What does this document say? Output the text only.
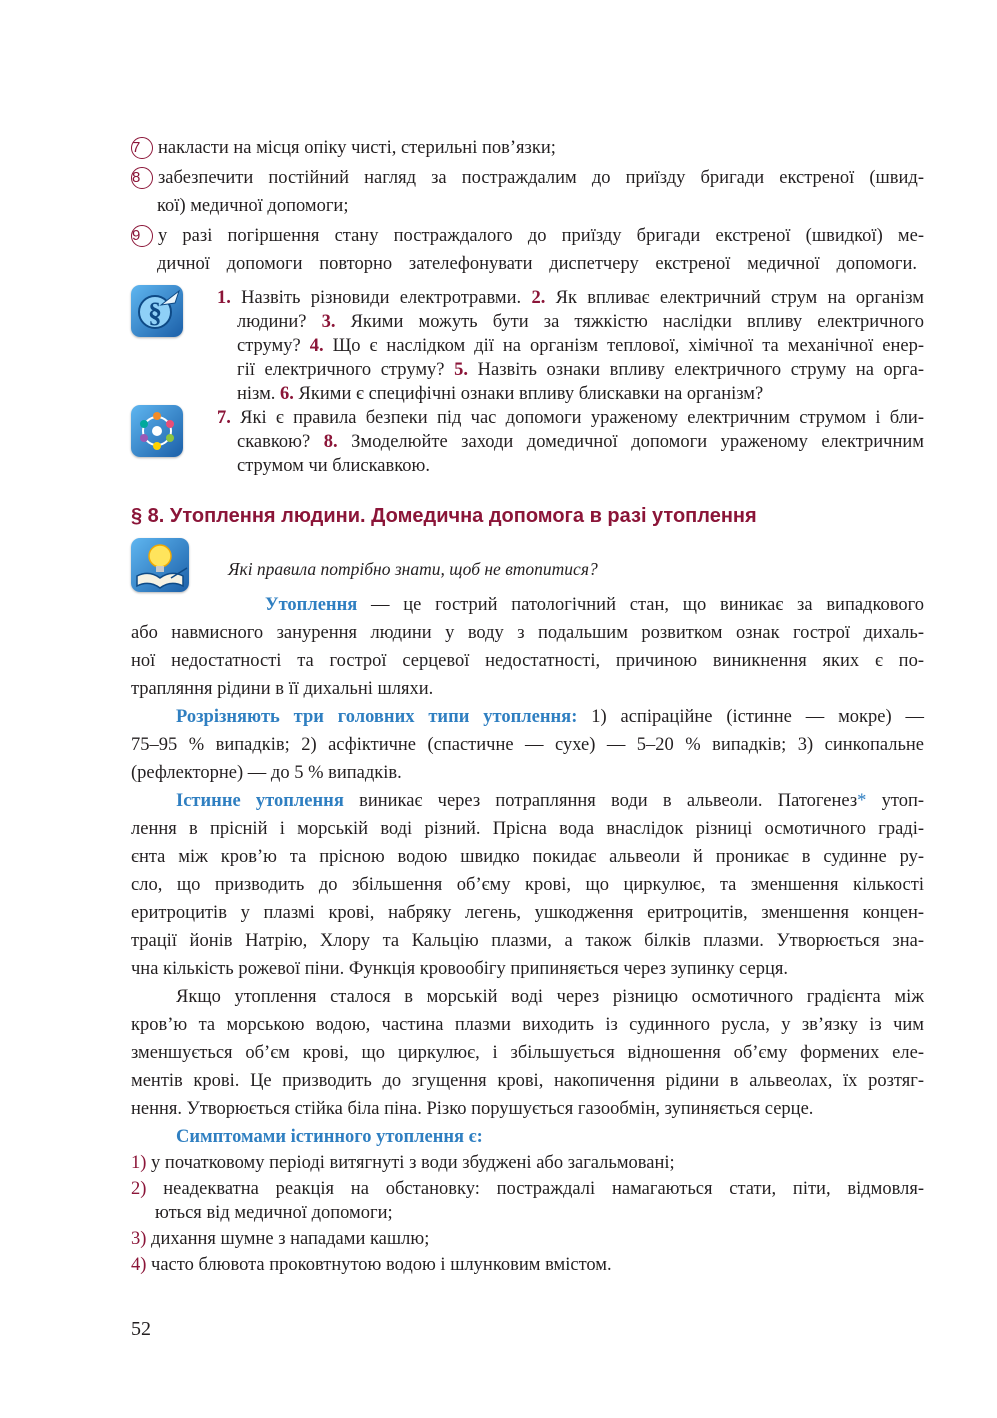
7 накласти на місця опіку чисті, стерильні пов’язки;
8 забезпечити постійний нагляд за постраждалим до приїзду бригади екстреної (швид-
кої) медичної допомоги;
9 у разі погіршення стану постраждалого до приїзду бригади екстреної (швидкої) ме-
дичної допомоги повторно зателефонувати диспетчеру екстреної медичної допомоги.
§	1. Назвіть різновиди електротравми. 2. Як впливає електричний струм на організм
людини? 3. Якими можуть бути за тяжкістю наслідки впливу електричного
струму? 4. Що є наслідком дії на організм теплової, хімічної та механічної енер-
гії електричного струму? 5. Назвіть ознаки впливу електричного струму на орга-
нізм. 6. Якими є специфічні ознаки впливу блискавки на організм?
7. Які є правила безпеки під час допомоги ураженому електричним струмом і бли-
скавкою? 8. Змоделюйте заходи домедичної допомоги ураженому електричним
струмом чи блискавкою.
§ 8. Утоплення людини. Домедична допомога в разі утоплення
Які правила потрібно знати, щоб не втопитися?
Утоплення — це гострий патологічний стан, що виникає за випадкового
або навмисного занурення людини у воду з подальшим розвитком ознак гострої дихаль-
ної недостатності та гострої серцевої недостатності, причиною виникнення яких є по-
трапляння рідини в її дихальні шляхи.
Розрізняють три головних типи утоплення: 1) аспіраційне (істинне — мокре) —
75–95 % випадків; 2) асфіктичне (спастичне — сухе) — 5–20 % випадків; 3) синкопальне
(рефлекторне) — до 5 % випадків.
Істинне утоплення виникає через потрапляння води в альвеоли. Патогенез* утоп-
лення в прісній і морській воді різний. Прісна вода внаслідок різниці осмотичного граді-
єнта між кров’ю та прісною водою швидко покидає альвеоли й проникає в судинне ру-
сло, що призводить до збільшення об’єму крові, що циркулює, та зменшення кількості
еритроцитів у плазмі крові, набряку легень, ушкодження еритроцитів, зменшення концен-
трації йонів Натрію, Хлору та Кальцію плазми, а також білків плазми. Утворюється зна-
чна кількість рожевої піни. Функція кровообігу припиняється через зупинку серця.
Якщо утоплення сталося в морській воді через різницю осмотичного градієнта між
кров’ю та морською водою, частина плазми виходить із судинного русла, у зв’язку із чим
зменшується об’єм крові, що циркулює, і збільшується відношення об’єму формених еле-
ментів крові. Це призводить до згущення крові, накопичення рідини в альвеолах, їх розтяг-
нення. Утворюється стійка біла піна. Різко порушується газообмін, зупиняється серце.
Симптомами істинного утоплення є:
1) у початковому періоді витягнуті з води збуджені або загальмовані;
2) неадекватна реакція на обстановку: постраждалі намагаються стати, піти, відмовля-
ються від медичної допомоги;
3) дихання шумне з нападами кашлю;
4) часто блювота проковтнутою водою і шлунковим вмістом.
52
